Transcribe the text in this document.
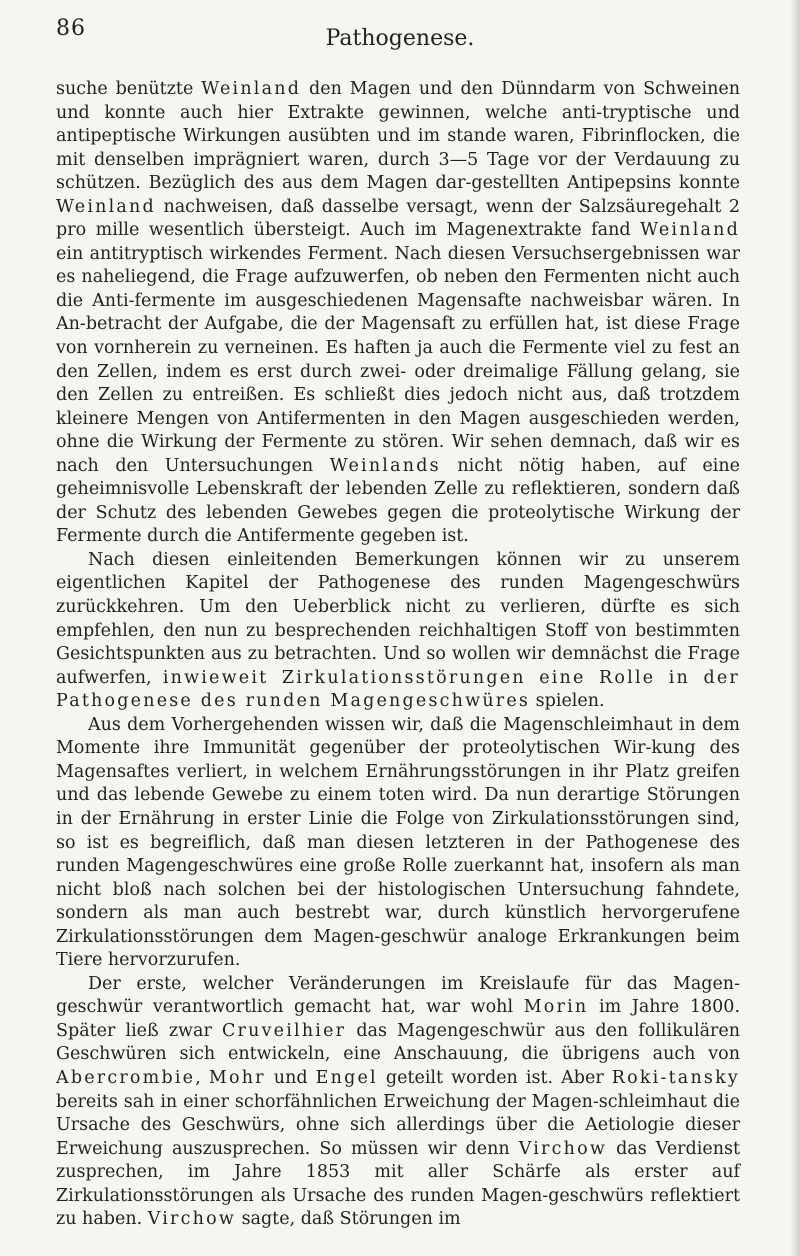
86	Pathogenese.

suche benützte Weinland den Magen und den Dünndarm von Schweinen und konnte auch hier Extrakte gewinnen, welche anti-tryptische und antipeptische Wirkungen ausübten und im stande waren, Fibrinflocken, die mit denselben imprägniert waren, durch 3—5 Tage vor der Verdauung zu schützen. Bezüglich des aus dem Magen dar-gestellten Antipepsins konnte Weinland nachweisen, daß dasselbe versagt, wenn der Salzsäuregehalt 2 pro mille wesentlich übersteigt. Auch im Magenextrakte fand Weinland ein antitryptisch wirkendes Ferment. Nach diesen Versuchsergebnissen war es naheliegend, die Frage aufzuwerfen, ob neben den Fermenten nicht auch die Anti-fermente im ausgeschiedenen Magensafte nachweisbar wären. In An-betracht der Aufgabe, die der Magensaft zu erfüllen hat, ist diese Frage von vornherein zu verneinen. Es haften ja auch die Fermente viel zu fest an den Zellen, indem es erst durch zwei- oder dreimalige Fällung gelang, sie den Zellen zu entreißen. Es schließt dies jedoch nicht aus, daß trotzdem kleinere Mengen von Antifermenten in den Magen ausgeschieden werden, ohne die Wirkung der Fermente zu stören. Wir sehen demnach, daß wir es nach den Untersuchungen Weinlands nicht nötig haben, auf eine geheimnisvolle Lebenskraft der lebenden Zelle zu reflektieren, sondern daß der Schutz des lebenden Gewebes gegen die proteolytische Wirkung der Fermente durch die Antifermente gegeben ist.

Nach diesen einleitenden Bemerkungen können wir zu unserem eigentlichen Kapitel der Pathogenese des runden Magengeschwürs zurückkehren. Um den Ueberblick nicht zu verlieren, dürfte es sich empfehlen, den nun zu besprechenden reichhaltigen Stoff von bestimmten Gesichtspunkten aus zu betrachten. Und so wollen wir demnächst die Frage aufwerfen, inwieweit Zirkulationsstörungen eine Rolle in der Pathogenese des runden Magengeschwüres spielen.

Aus dem Vorhergehenden wissen wir, daß die Magenschleimhaut in dem Momente ihre Immunität gegenüber der proteolytischen Wir-kung des Magensaftes verliert, in welchem Ernährungsstörungen in ihr Platz greifen und das lebende Gewebe zu einem toten wird. Da nun derartige Störungen in der Ernährung in erster Linie die Folge von Zirkulationsstörungen sind, so ist es begreiflich, daß man diesen letzteren in der Pathogenese des runden Magengeschwüres eine große Rolle zuerkannt hat, insofern als man nicht bloß nach solchen bei der histologischen Untersuchung fahndete, sondern als man auch bestrebt war, durch künstlich hervorgerufene Zirkulationsstörungen dem Magen-geschwür analoge Erkrankungen beim Tiere hervorzurufen.

Der erste, welcher Veränderungen im Kreislaufe für das Magen-geschwür verantwortlich gemacht hat, war wohl Morin im Jahre 1800. Später ließ zwar Cruveilhier das Magengeschwür aus den follikulären Geschwüren sich entwickeln, eine Anschauung, die übrigens auch von Abercrombie, Mohr und Engel geteilt worden ist. Aber Roki-tansky bereits sah in einer schorfähnlichen Erweichung der Magen-schleimhaut die Ursache des Geschwürs, ohne sich allerdings über die Aetiologie dieser Erweichung auszusprechen. So müssen wir denn Virchow das Verdienst zusprechen, im Jahre 1853 mit aller Schärfe als erster auf Zirkulationsstörungen als Ursache des runden Magen-geschwürs reflektiert zu haben. Virchow sagte, daß Störungen im
